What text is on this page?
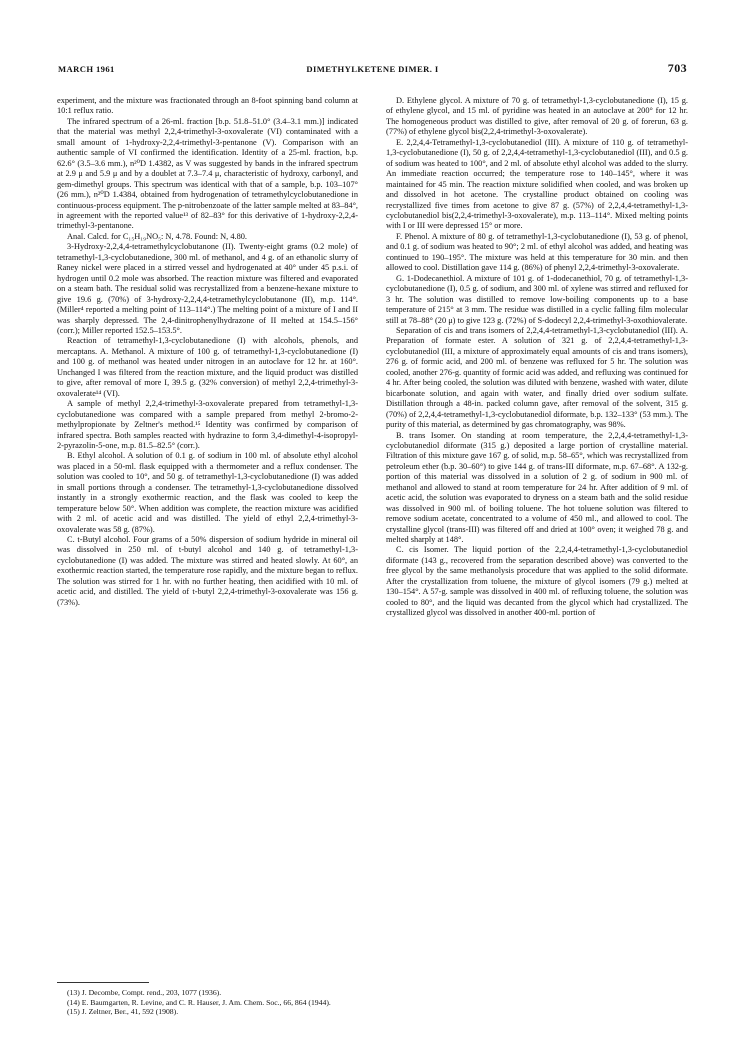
MARCH 1961	DIMETHYLKETENE DIMER. I	703

experiment, and the mixture was fractionated through an 8-foot spinning band column at 10:1 reflux ratio.

The infrared spectrum of a 26-ml. fraction [b.p. 51.8–51.0° (3.4–3.1 mm.)] indicated that the material was methyl 2,2,4-trimethyl-3-oxovalerate (VI) contaminated with a small amount of 1-hydroxy-2,2,4-trimethyl-3-pentanone (V). Comparison with an authentic sample of VI confirmed the identification. Identity of a 25-ml. fraction, b.p. 62.6° (3.5–3.6 mm.), n²⁰D 1.4382, as V was suggested by bands in the infrared spectrum at 2.9 μ and 5.9 μ and by a doublet at 7.3–7.4 μ, characteristic of hydroxy, carbonyl, and gem-dimethyl groups. This spectrum was identical with that of a sample, b.p. 103–107° (26 mm.), n²⁰D 1.4384, obtained from hydrogenation of tetramethylcyclobutanedione in continuous-process equipment. The p-nitrobenzoate of the latter sample melted at 83–84°, in agreement with the reported value¹³ of 82–83° for this derivative of 1-hydroxy-2,2,4-trimethyl-3-pentanone.

Anal. Calcd. for C₁₅H₁₉NO₅: N, 4.78. Found: N, 4.80.

3-Hydroxy-2,2,4,4-tetramethylcyclobutanone (II). Twenty-eight grams (0.2 mole) of tetramethyl-1,3-cyclobutanedione, 300 ml. of methanol, and 4 g. of an ethanolic slurry of Raney nickel were placed in a stirred vessel and hydrogenated at 40° under 45 p.s.i. of hydrogen until 0.2 mole was absorbed. The reaction mixture was filtered and evaporated on a steam bath. The residual solid was recrystallized from a benzene-hexane mixture to give 19.6 g. (70%) of 3-hydroxy-2,2,4,4-tetramethylcyclobutanone (II), m.p. 114°. (Miller⁴ reported a melting point of 113–114°.) The melting point of a mixture of I and II was sharply depressed. The 2,4-dinitrophenylhydrazone of II melted at 154.5–156° (corr.); Miller reported 152.5–153.5°.

Reaction of tetramethyl-1,3-cyclobutanedione (I) with alcohols, phenols, and mercaptans. A. Methanol. A mixture of 100 g. of tetramethyl-1,3-cyclobutanedione (I) and 100 g. of methanol was heated under nitrogen in an autoclave for 12 hr. at 160°. Unchanged I was filtered from the reaction mixture, and the liquid product was distilled to give, after removal of more I, 39.5 g. (32% conversion) of methyl 2,2,4-trimethyl-3-oxovalerate¹⁴ (VI).

A sample of methyl 2,2,4-trimethyl-3-oxovalerate prepared from tetramethyl-1,3-cyclobutanedione was compared with a sample prepared from methyl 2-bromo-2-methylpropionate by Zeltner's method.¹⁵ Identity was confirmed by comparison of infrared spectra. Both samples reacted with hydrazine to form 3,4-dimethyl-4-isopropyl-2-pyrazolin-5-one, m.p. 81.5–82.5° (corr.).

B. Ethyl alcohol. A solution of 0.1 g. of sodium in 100 ml. of absolute ethyl alcohol was placed in a 50-ml. flask equipped with a thermometer and a reflux condenser. The solution was cooled to 10°, and 50 g. of tetramethyl-1,3-cyclobutanedione (I) was added in small portions through a condenser. The tetramethyl-1,3-cyclobutanedione dissolved instantly in a strongly exothermic reaction, and the flask was cooled to keep the temperature below 50°. When addition was complete, the reaction mixture was acidified with 2 ml. of acetic acid and was distilled. The yield of ethyl 2,2,4-trimethyl-3-oxovalerate was 58 g. (87%).

C. t-Butyl alcohol. Four grams of a 50% dispersion of sodium hydride in mineral oil was dissolved in 250 ml. of t-butyl alcohol and 140 g. of tetramethyl-1,3-cyclobutanedione (I) was added. The mixture was stirred and heated slowly. At 60°, an exothermic reaction started, the temperature rose rapidly, and the mixture began to reflux. The solution was stirred for 1 hr. with no further heating, then acidified with 10 ml. of acetic acid, and distilled. The yield of t-butyl 2,2,4-trimethyl-3-oxovalerate was 156 g. (73%).

D. Ethylene glycol. A mixture of 70 g. of tetramethyl-1,3-cyclobutanedione (I), 15 g. of ethylene glycol, and 15 ml. of pyridine was heated in an autoclave at 200° for 12 hr. The homogeneous product was distilled to give, after removal of 20 g. of forerun, 63 g. (77%) of ethylene glycol bis(2,2,4-trimethyl-3-oxovalerate).

E. 2,2,4,4-Tetramethyl-1,3-cyclobutanediol (III). A mixture of 110 g. of tetramethyl-1,3-cyclobutanedione (I), 50 g. of 2,2,4,4-tetramethyl-1,3-cyclobutanediol (III), and 0.5 g. of sodium was heated to 100°, and 2 ml. of absolute ethyl alcohol was added to the slurry. An immediate reaction occurred; the temperature rose to 140–145°, where it was maintained for 45 min. The reaction mixture solidified when cooled, and was broken up and dissolved in hot acetone. The crystalline product obtained on cooling was recrystallized five times from acetone to give 87 g. (57%) of 2,2,4,4-tetramethyl-1,3-cyclobutanediol bis(2,2,4-trimethyl-3-oxovalerate), m.p. 113–114°. Mixed melting points with I or III were depressed 15° or more.

F. Phenol. A mixture of 80 g. of tetramethyl-1,3-cyclobutanedione (I), 53 g. of phenol, and 0.1 g. of sodium was heated to 90°; 2 ml. of ethyl alcohol was added, and heating was continued to 190–195°. The mixture was held at this temperature for 30 min. and then allowed to cool. Distillation gave 114 g. (86%) of phenyl 2,2,4-trimethyl-3-oxovalerate.

G. 1-Dodecanethiol. A mixture of 101 g. of 1-dodecanethiol, 70 g. of tetramethyl-1,3-cyclobutanedione (I), 0.5 g. of sodium, and 300 ml. of xylene was stirred and refluxed for 3 hr. The solution was distilled to remove low-boiling components up to a base temperature of 215° at 3 mm. The residue was distilled in a cyclic falling film molecular still at 78–88° (20 μ) to give 123 g. (72%) of S-dodecyl 2,2,4-trimethyl-3-oxothiovalerate.

Separation of cis and trans isomers of 2,2,4,4-tetramethyl-1,3-cyclobutanediol (III). A. Preparation of formate ester. A solution of 321 g. of 2,2,4,4-tetramethyl-1,3-cyclobutanediol (III, a mixture of approximately equal amounts of cis and trans isomers), 276 g. of formic acid, and 200 ml. of benzene was refluxed for 5 hr. The solution was cooled, another 276-g. quantity of formic acid was added, and refluxing was continued for 4 hr. After being cooled, the solution was diluted with benzene, washed with water, dilute bicarbonate solution, and again with water, and finally dried over sodium sulfate. Distillation through a 48-in. packed column gave, after removal of the solvent, 315 g. (70%) of 2,2,4,4-tetramethyl-1,3-cyclobutanediol diformate, b.p. 132–133° (53 mm.). The purity of this material, as determined by gas chromatography, was 98%.

B. trans Isomer. On standing at room temperature, the 2,2,4,4-tetramethyl-1,3-cyclobutanediol diformate (315 g.) deposited a large portion of crystalline material. Filtration of this mixture gave 167 g. of solid, m.p. 58–65°, which was recrystallized from petroleum ether (b.p. 30–60°) to give 144 g. of trans-III diformate, m.p. 67–68°. A 132-g. portion of this material was dissolved in a solution of 2 g. of sodium in 900 ml. of methanol and allowed to stand at room temperature for 24 hr. After addition of 9 ml. of acetic acid, the solution was evaporated to dryness on a steam bath and the solid residue was dissolved in 900 ml. of boiling toluene. The hot toluene solution was filtered to remove sodium acetate, concentrated to a volume of 450 ml., and allowed to cool. The crystalline glycol (trans-III) was filtered off and dried at 100° oven; it weighed 78 g. and melted sharply at 148°.

C. cis Isomer. The liquid portion of the 2,2,4,4-tetramethyl-1,3-cyclobutanediol diformate (143 g., recovered from the separation described above) was converted to the free glycol by the same methanolysis procedure that was applied to the solid diformate. After the crystallization from toluene, the mixture of glycol isomers (79 g.) melted at 130–154°. A 57-g. sample was dissolved in 400 ml. of refluxing toluene, the solution was cooled to 80°, and the liquid was decanted from the glycol which had crystallized. The crystallized glycol was dissolved in another 400-ml. portion of

(13) J. Decombe, Compt. rend., 203, 1077 (1936).

(14) E. Baumgarten, R. Levine, and C. R. Hauser, J. Am. Chem. Soc., 66, 864 (1944).

(15) J. Zeltner, Ber., 41, 592 (1908).
